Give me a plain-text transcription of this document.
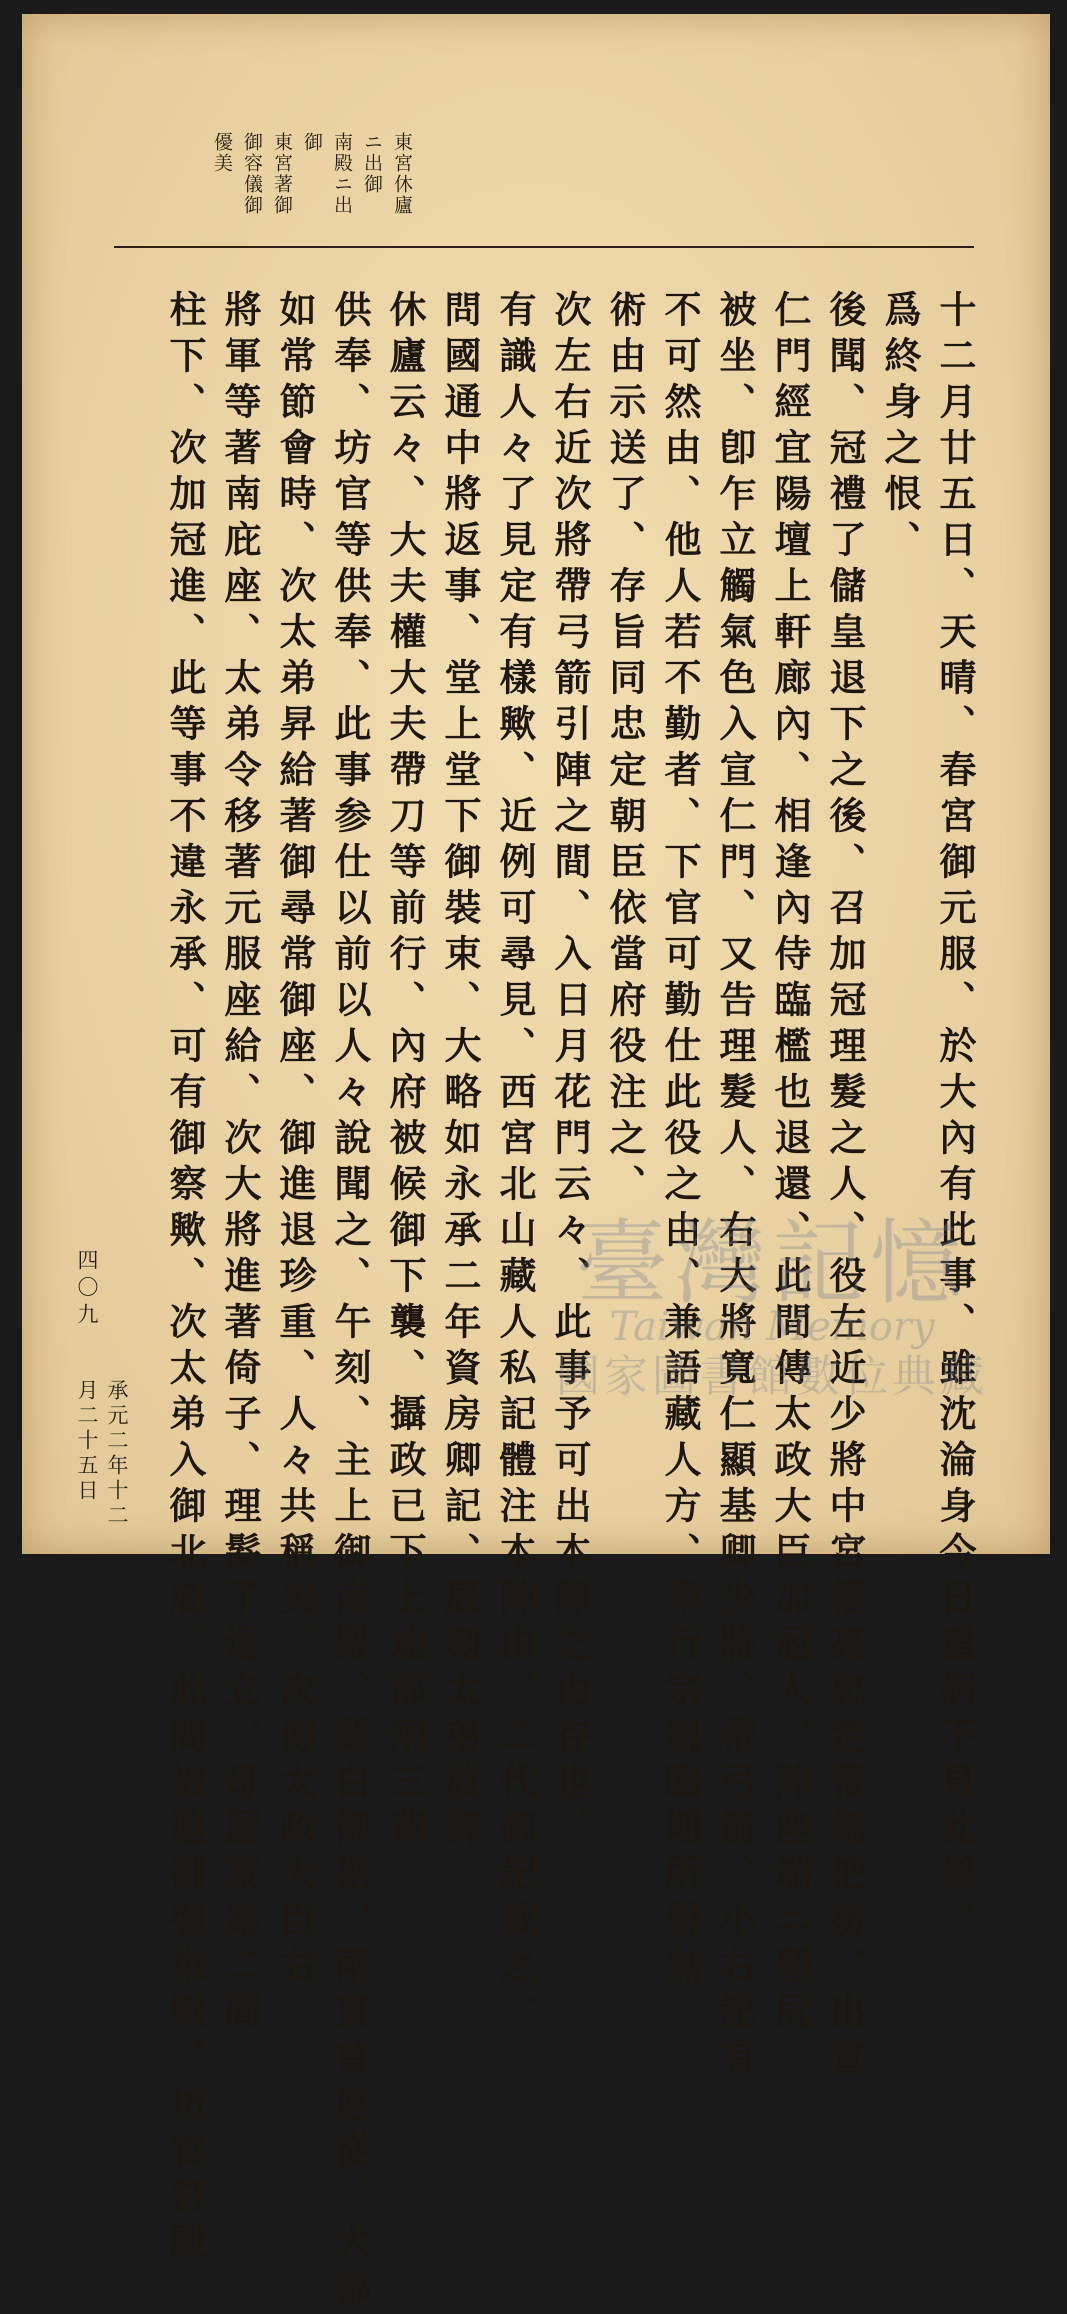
東宮休廬
ニ出御
南殿ニ出
御
東宮著御
御容儀御
優美
十二月廿五日、天晴、春宮御元服、於大內有此事、雖沈淪身今日重病不見此儀、
爲終身之恨、
後聞、冠禮了儲皇退下之後、召加冠理髮之人、役左近少將中宮權亮忠定帶劍把笏、出宣
仁門經宜陽壇上軒廊內、相逢內侍臨檻也退還、此間傳太政大臣加冠人、陣座端ニ懸尻
被坐、卽乍立觸氣色入宣仁門、又告理髮人、右大將寬仁顯基卿少將、帶弓箭、小右記有
不可然由、他人若不勤者、下官可勤仕此役之由、兼語藏人方、奉行宗親臨期所勞無
術由示送了、存旨同忠定朝臣依當府役注之、
次左右近次將帶弓箭引陣之間、入日月花門云々、此事予可出本陣之由存也、
有識人々了見定有樣歟、近例可尋見、西宮北山藏人私記體注本陣由、二代御記載之、
問國通中將返事、堂上堂下御裝束、大略如永承二年資房卿記、辰刻太弟渡御
休廬云々、大夫權大夫帶刀等前行、內府被候御下襲、攝政已下上達部兩三輩
供奉、坊官等供奉、此事参仕以前以人々說聞之、午刻、主上御南殿、關白御裾、兩貫首扈從、大都
如常節會時、次太弟昇給著御尋常御座、御進退珍重、人々共稱美、次傳太政大臣右
將軍等著南庇座、太弟令移著元服座給、次大將進著倚子、理髮了退立、母屋東第二間
柱下、次加冠進、此等事不違永承、可有御察歟、次太弟入御北庇、此間被進御裝束歟、坊官宮殿
四〇九
承元二年十二月二十五日
臺灣記憶
Taiwan Memory
國家圖書館數位典藏
